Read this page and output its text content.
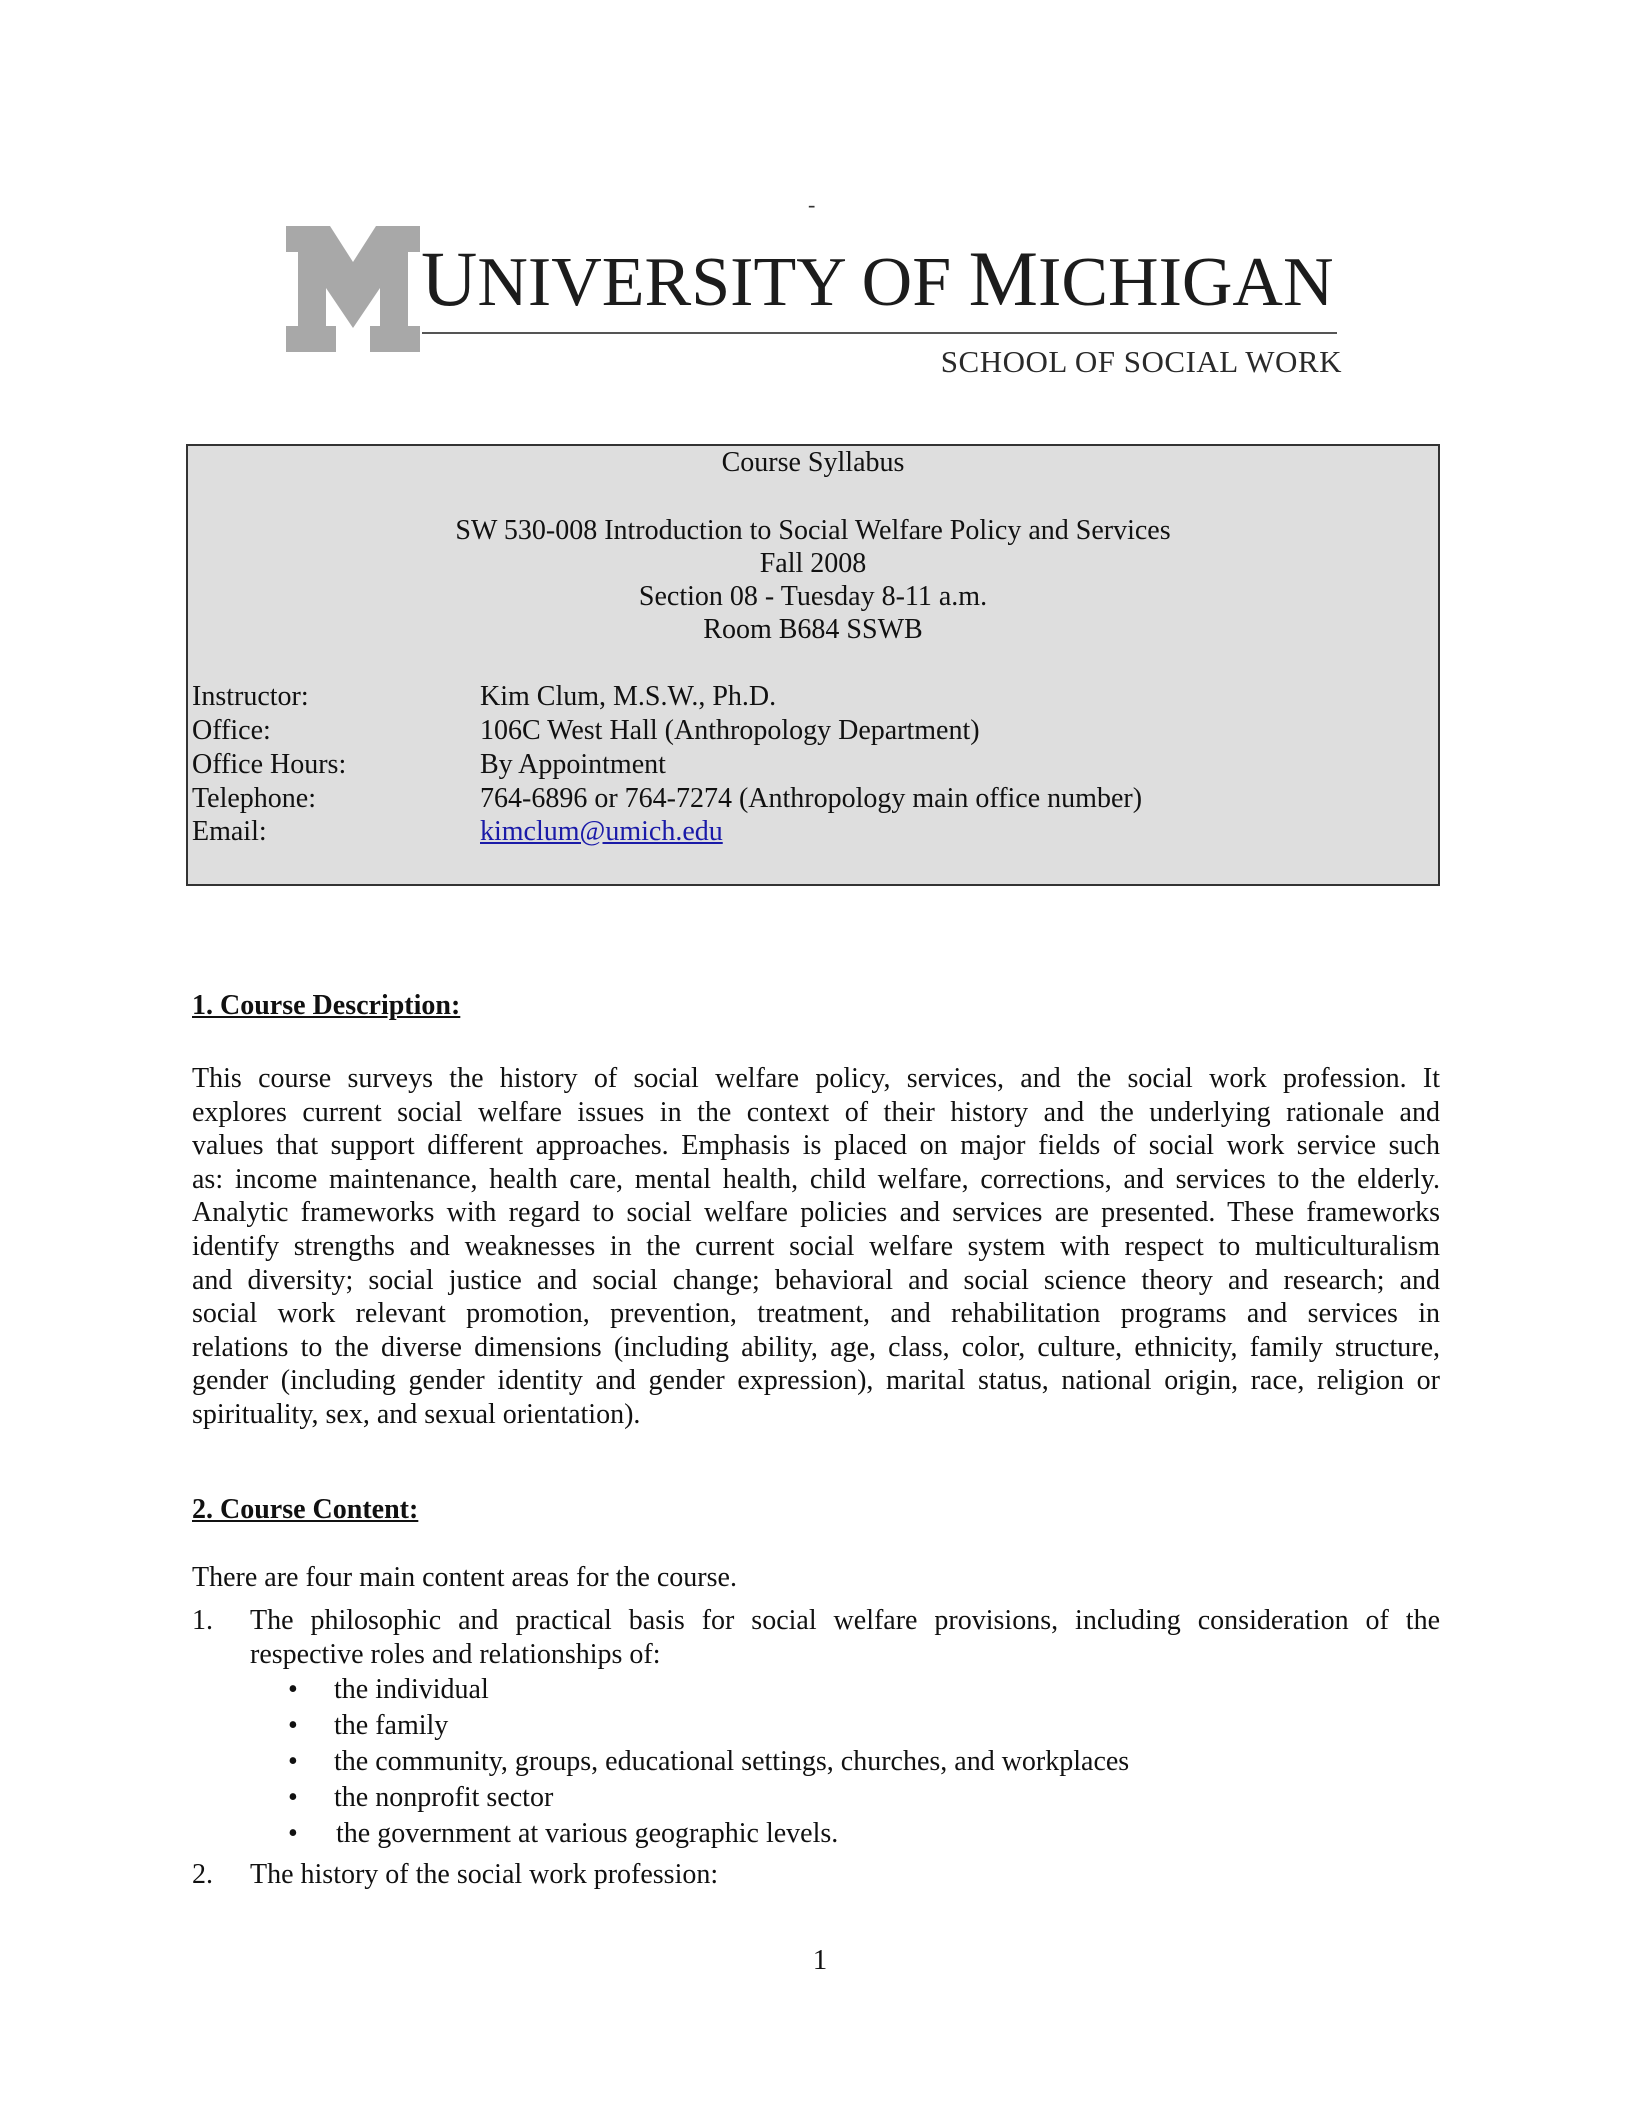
-
UNIVERSITY OF MICHIGAN
SCHOOL OF SOCIAL WORK
Course Syllabus
SW 530-008 Introduction to Social Welfare Policy and Services
Fall 2008
Section 08 - Tuesday 8-11 a.m.
Room B684 SSWB
Instructor:	Kim Clum, M.S.W., Ph.D.
Office:	106C West Hall (Anthropology Department)
Office Hours:	By Appointment
Telephone:	764-6896 or 764-7274 (Anthropology main office number)
Email:	kimclum@umich.edu
1. Course Description:
This course surveys the history of social welfare policy, services, and the social work profession. It
explores current social welfare issues in the context of their history and the underlying rationale and
values that support different approaches. Emphasis is placed on major fields of social work service such
as: income maintenance, health care, mental health, child welfare, corrections, and services to the elderly.
Analytic frameworks with regard to social welfare policies and services are presented. These frameworks
identify strengths and weaknesses in the current social welfare system with respect to multiculturalism
and diversity; social justice and social change; behavioral and social science theory and research; and
social work relevant promotion, prevention, treatment, and rehabilitation programs and services in
relations to the diverse dimensions (including ability, age, class, color, culture, ethnicity, family structure,
gender (including gender identity and gender expression), marital status, national origin, race, religion or
spirituality, sex, and sexual orientation).
2. Course Content:
There are four main content areas for the course.
1. The philosophic and practical basis for social welfare provisions, including consideration of the
respective roles and relationships of:
• the individual
• the family
• the community, groups, educational settings, churches, and workplaces
• the nonprofit sector
• the government at various geographic levels.
2. The history of the social work profession:
1
